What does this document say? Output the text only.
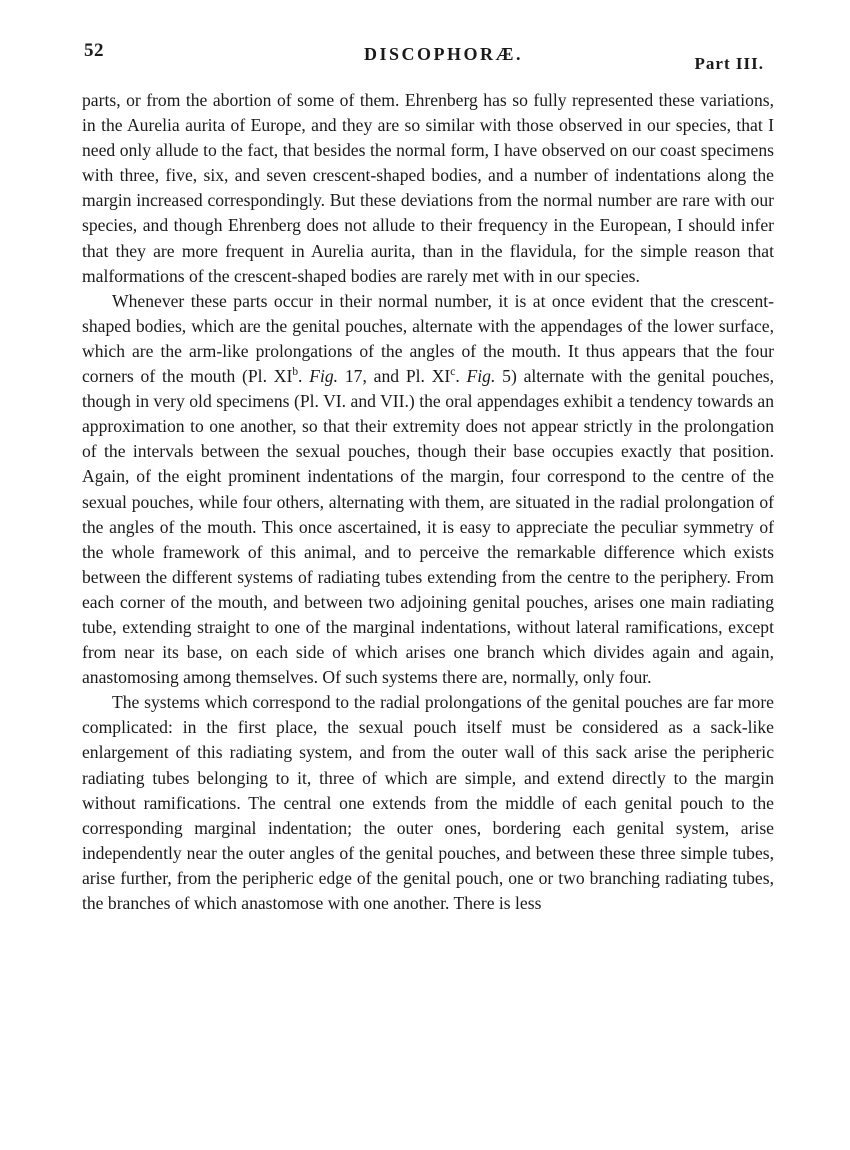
52	DISCOPHORÆ.	Part III.

parts, or from the abortion of some of them. Ehrenberg has so fully represented these variations, in the Aurelia aurita of Europe, and they are so similar with those observed in our species, that I need only allude to the fact, that besides the normal form, I have observed on our coast specimens with three, five, six, and seven crescent-shaped bodies, and a number of indentations along the margin increased correspondingly. But these deviations from the normal number are rare with our species, and though Ehrenberg does not allude to their frequency in the European, I should infer that they are more frequent in Aurelia aurita, than in the flavidula, for the simple reason that malformations of the crescent-shaped bodies are rarely met with in our species.

Whenever these parts occur in their normal number, it is at once evident that the crescent-shaped bodies, which are the genital pouches, alternate with the appendages of the lower surface, which are the arm-like prolongations of the angles of the mouth. It thus appears that the four corners of the mouth (Pl. $XI^b$. Fig. 17, and Pl. $XI^c$. Fig. 5) alternate with the genital pouches, though in very old specimens (Pl. VI. and VII.) the oral appendages exhibit a tendency towards an approximation to one another, so that their extremity does not appear strictly in the prolongation of the intervals between the sexual pouches, though their base occupies exactly that position. Again, of the eight prominent indentations of the margin, four correspond to the centre of the sexual pouches, while four others, alternating with them, are situated in the radial prolongation of the angles of the mouth. This once ascertained, it is easy to appreciate the peculiar symmetry of the whole framework of this animal, and to perceive the remarkable difference which exists between the different systems of radiating tubes extending from the centre to the periphery. From each corner of the mouth, and between two adjoining genital pouches, arises one main radiating tube, extending straight to one of the marginal indentations, without lateral ramifications, except from near its base, on each side of which arises one branch which divides again and again, anastomosing among themselves. Of such systems there are, normally, only four.

The systems which correspond to the radial prolongations of the genital pouches are far more complicated: in the first place, the sexual pouch itself must be considered as a sack-like enlargement of this radiating system, and from the outer wall of this sack arise the peripheric radiating tubes belonging to it, three of which are simple, and extend directly to the margin without ramifications. The central one extends from the middle of each genital pouch to the corresponding marginal indentation; the outer ones, bordering each genital system, arise independently near the outer angles of the genital pouches, and between these three simple tubes, arise further, from the peripheric edge of the genital pouch, one or two branching radiating tubes, the branches of which anastomose with one another. There is less
